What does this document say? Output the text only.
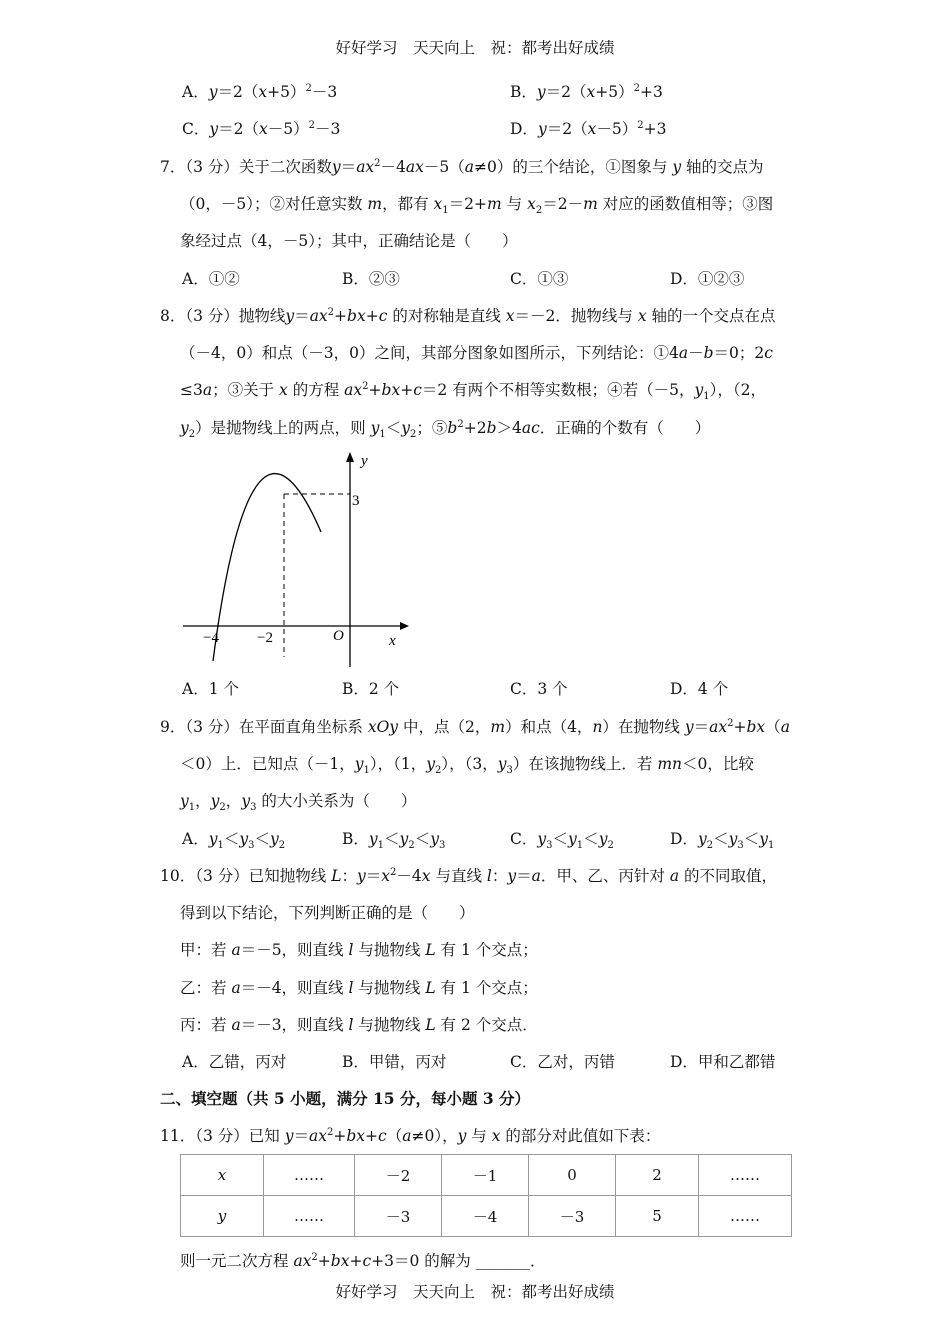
好好学习　天天向上　祝：都考出好成绩
A．$y=2(x+5)^2-3$	B．$y=2(x+5)^2+3$
C．$y=2(x-5)^2-3$	D．$y=2(x-5)^2+3$
7．（3 分）关于二次函数$y=ax^2-4ax-5(a\ne 0)$的三个结论，①图象与 y 轴的交点为
（0，－5）；②对任意实数 m，都有 $x_1=2+m$ 与 $x_2=2-m$ 对应的函数值相等；③图
象经过点（4，－5）；其中，正确结论是（　　）
A．①②	B．②③	C．①③	D．①②③
8．（3 分）抛物线$y=ax^2+bx+c$ 的对称轴是直线 x＝－2．抛物线与 x 轴的一个交点在点
（－4，0）和点（－3，0）之间，其部分图象如图所示，下列结论：①4a－b＝0；2c
≤3a；③关于 x 的方程 $ax^2+bx+c=2$ 有两个不相等实数根；④若（－5，$y_1$），（2，
$y_2$）是抛物线上的两点，则 $y_1<y_2$；$⑤b^2+2b>4ac$．正确的个数有（　　）
−4	−2	O	x
y
3
A．1 个	B．2 个	C．3 个	D．4 个
9．（3 分）在平面直角坐标系 xOy 中，点（2，m）和点（4，n）在抛物线 $y=ax^2+bx(a$
＜0）上．已知点（－1，$y_1$），（1，$y_2$），（3，$y_3$）在该抛物线上．若 mn＜0，比较
$y_1$，$y_2$，$y_3$ 的大小关系为（　　）
A．$y_1<y_3<y_2$	B．$y_1<y_2<y_3$	C．$y_3<y_1<y_2$	D．$y_2<y_3<y_1$
10．（3 分）已知抛物线 L：$y=x^2-4x$ 与直线 l：y＝a．甲、乙、丙针对 a 的不同取值，
得到以下结论，下列判断正确的是（　　）
甲：若 a＝－5，则直线 l 与抛物线 L 有 1 个交点；
乙：若 a＝－4，则直线 l 与抛物线 L 有 1 个交点；
丙：若 a＝－3，则直线 l 与抛物线 L 有 2 个交点．
A．乙错，丙对	B．甲错，丙对	C．乙对，丙错	D．甲和乙都错
二、填空题（共 5 小题，满分 15 分，每小题 3 分）
11．（3 分）已知 $y=ax^2+bx+c(a\ne 0)$，y 与 x 的部分对此值如下表：
x	……	－2	－1	0	2	……
y	……	－3	－4	－3	5	……
则一元二次方程 $ax^2+bx+c+3=0$ 的解为 _______．
好好学习　天天向上　祝：都考出好成绩
